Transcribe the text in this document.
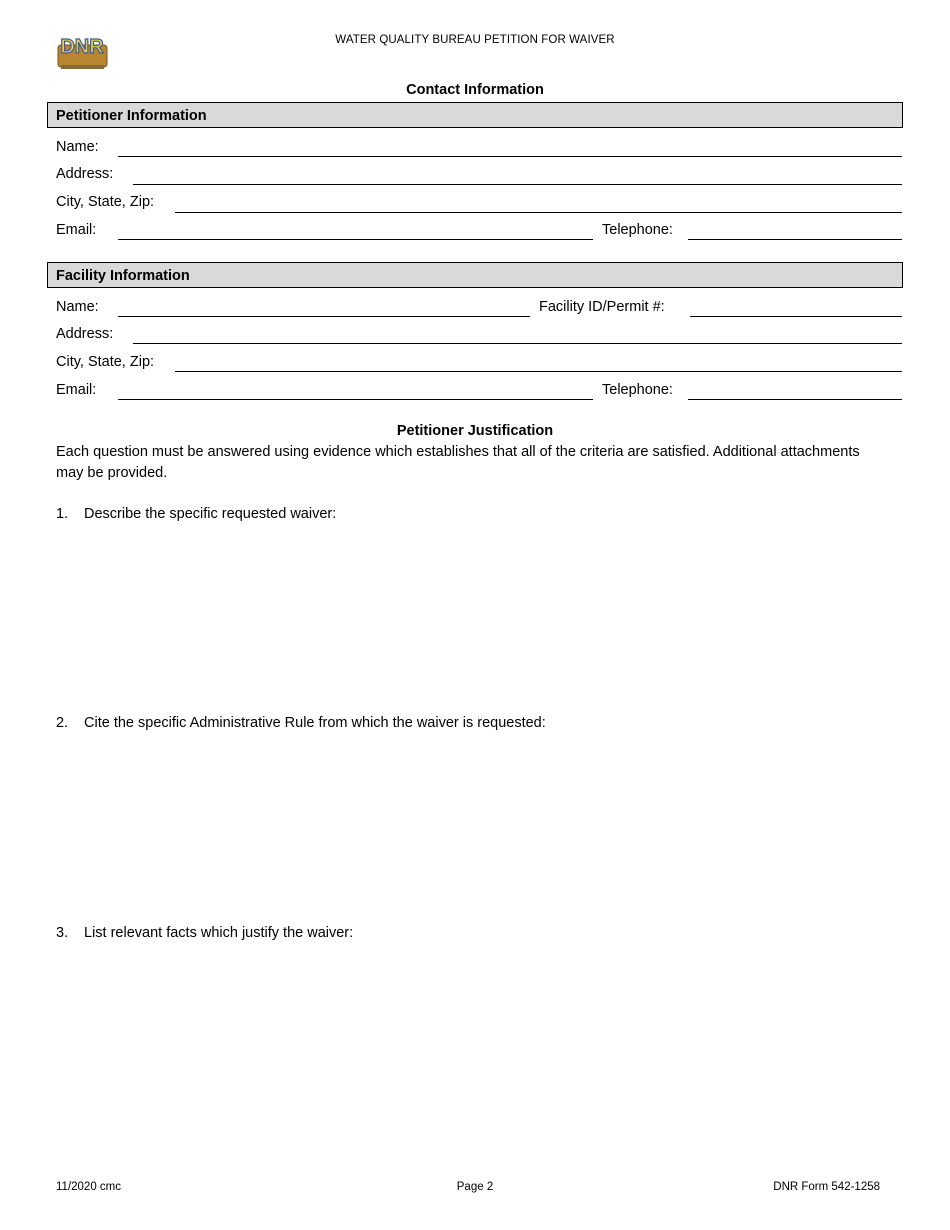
DNR	WATER QUALITY BUREAU PETITION FOR WAIVER
Contact Information
Petitioner Information
Name:
Address:
City, State, Zip:
Email:	Telephone:
Facility Information
Name:	Facility ID/Permit #:
Address:
City, State, Zip:
Email:	Telephone:
Petitioner Justification
Each question must be answered using evidence which establishes that all of the criteria are satisfied. Additional attachments may be provided.
1. Describe the specific requested waiver:
2. Cite the specific Administrative Rule from which the waiver is requested:
3. List relevant facts which justify the waiver:
11/2020 cmc	Page 2	DNR Form 542-1258
